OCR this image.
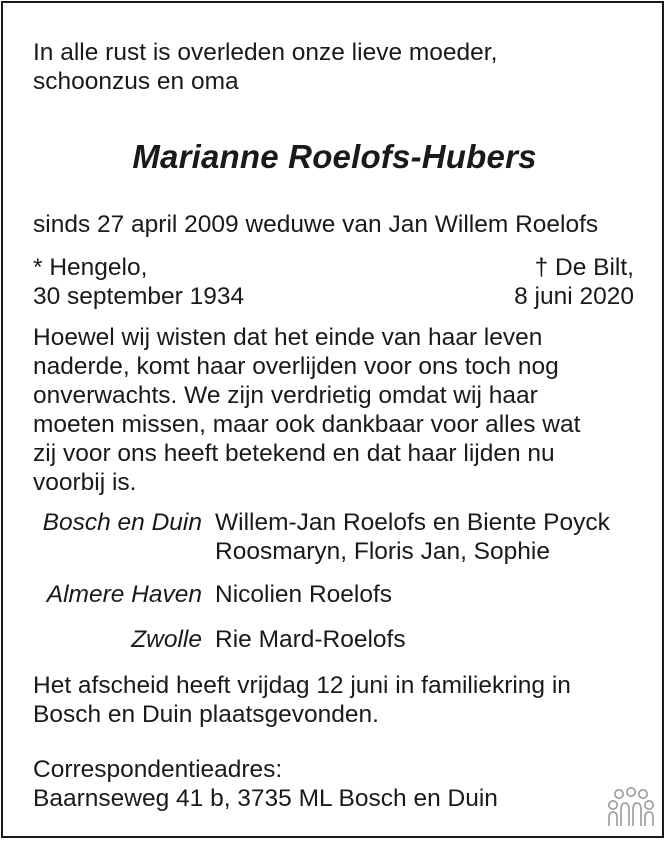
In alle rust is overleden onze lieve moeder,
schoonzus en oma
Marianne Roelofs-Hubers
sinds 27 april 2009 weduwe van Jan Willem Roelofs
* Hengelo,
30 september 1934
† De Bilt,
8 juni 2020
Hoewel wij wisten dat het einde van haar leven
naderde, komt haar overlijden voor ons toch nog
onverwachts. We zijn verdrietig omdat wij haar
moeten missen, maar ook dankbaar voor alles wat
zij voor ons heeft betekend en dat haar lijden nu
voorbij is.
Bosch en Duin Willem-Jan Roelofs en Biente Poyck
Roosmaryn, Floris Jan, Sophie
Almere Haven Nicolien Roelofs
Zwolle Rie Mard-Roelofs
Het afscheid heeft vrijdag 12 juni in familiekring in
Bosch en Duin plaatsgevonden.
Correspondentieadres:
Baarnseweg 41 b, 3735 ML Bosch en Duin
